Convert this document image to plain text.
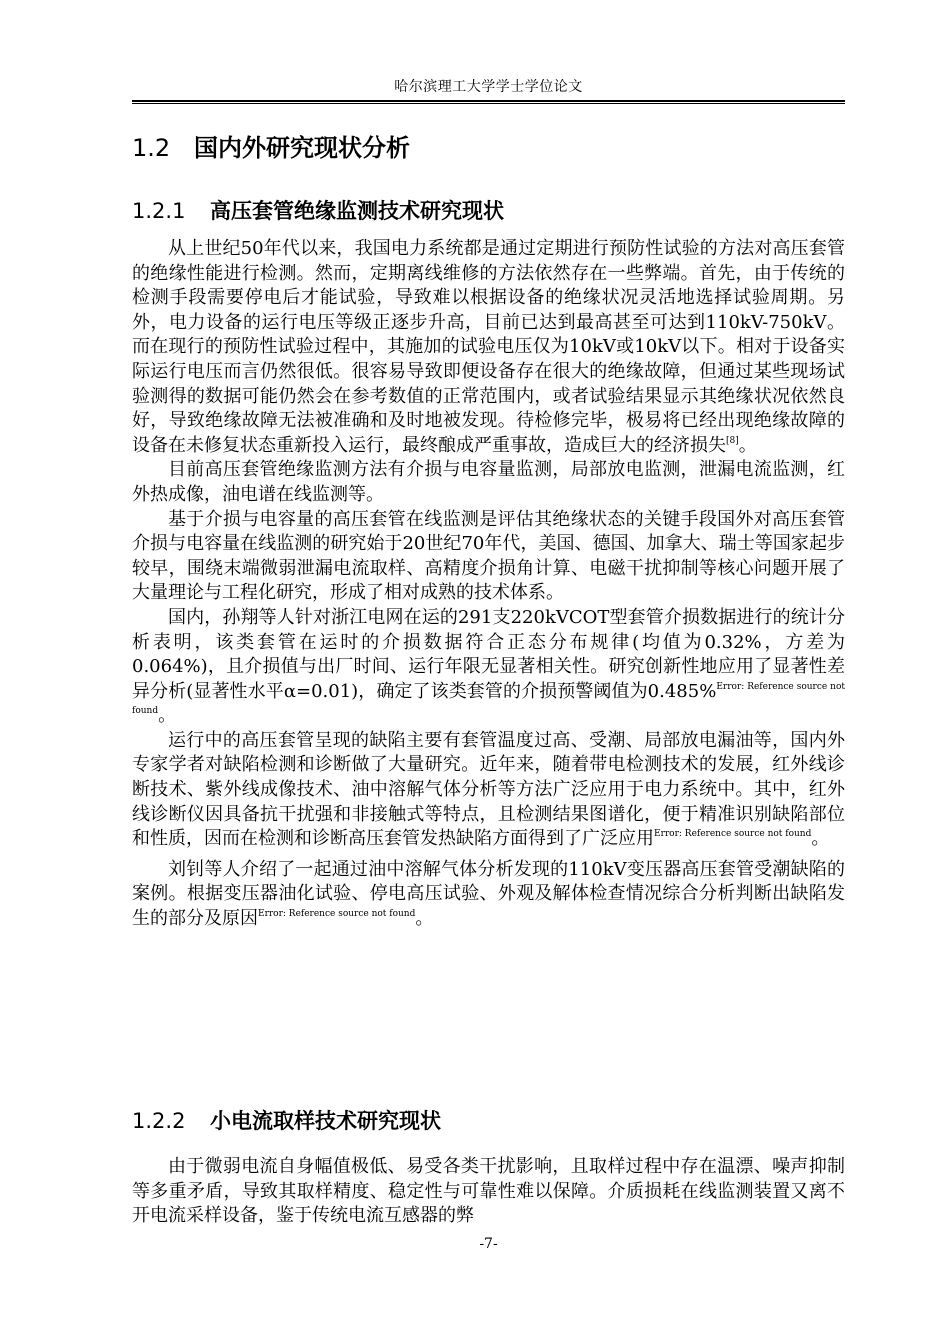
哈尔滨理工大学学士学位论文
1.2 国内外研究现状分析
1.2.1 高压套管绝缘监测技术研究现状

从上世纪50年代以来，我国电力系统都是通过定期进行预防性试验的方法对高压套管的绝缘性能进行检测。然而，定期离线维修的方法依然存在一些弊端。首先，由于传统的检测手段需要停电后才能试验，导致难以根据设备的绝缘状况灵活地选择试验周期。另外，电力设备的运行电压等级正逐步升高，目前已达到最高甚至可达到110kV-750kV。而在现行的预防性试验过程中，其施加的试验电压仅为10kV或10kV以下。相对于设备实际运行电压而言仍然很低。很容易导致即便设备存在很大的绝缘故障，但通过某些现场试验测得的数据可能仍然会在参考数值的正常范围内，或者试验结果显示其绝缘状况依然良好，导致绝缘故障无法被准确和及时地被发现。待检修完毕，极易将已经出现绝缘故障的设备在未修复状态重新投入运行，最终酿成严重事故，造成巨大的经济损失[8]。

目前高压套管绝缘监测方法有介损与电容量监测，局部放电监测，泄漏电流监测，红外热成像，油电谱在线监测等。

基于介损与电容量的高压套管在线监测是评估其绝缘状态的关键手段国外对高压套管介损与电容量在线监测的研究始于20世纪70年代，美国、德国、加拿大、瑞士等国家起步较早，围绕末端微弱泄漏电流取样、高精度介损角计算、电磁干扰抑制等核心问题开展了大量理论与工程化研究，形成了相对成熟的技术体系。

国内，孙翔等人针对浙江电网在运的291支220kVCOT型套管介损数据进行的统计分析表明，该类套管在运时的介损数据符合正态分布规律(均值为0.32%，方差为0.064%)，且介损值与出厂时间、运行年限无显著相关性。研究创新性地应用了显著性差异分析(显著性水平α=0.01)，确定了该类套管的介损预警阈值为0.485%$^{Error: Reference source not found}$。

运行中的高压套管呈现的缺陷主要有套管温度过高、受潮、局部放电漏油等，国内外专家学者对缺陷检测和诊断做了大量研究。近年来，随着带电检测技术的发展，红外线诊断技术、紫外线成像技术、油中溶解气体分析等方法广泛应用于电力系统中。其中，红外线诊断仪因具备抗干扰强和非接触式等特点，且检测结果图谱化，便于精准识别缺陷部位和性质，因而在检测和诊断高压套管发热缺陷方面得到了广泛应用$^{Error: Reference source not found}$。

刘钊等人介绍了一起通过油中溶解气体分析发现的110kV变压器高压套管受潮缺陷的案例。根据变压器油化试验、停电高压试验、外观及解体检查情况综合分析判断出缺陷发生的部分及原因$^{Error: Reference source not found}$。

1.2.2 小电流取样技术研究现状

由于微弱电流自身幅值极低、易受各类干扰影响，且取样过程中存在温漂、噪声抑制等多重矛盾，导致其取样精度、稳定性与可靠性难以保障。介质损耗在线监测装置又离不开电流采样设备，鉴于传统电流互感器的弊

-7-
